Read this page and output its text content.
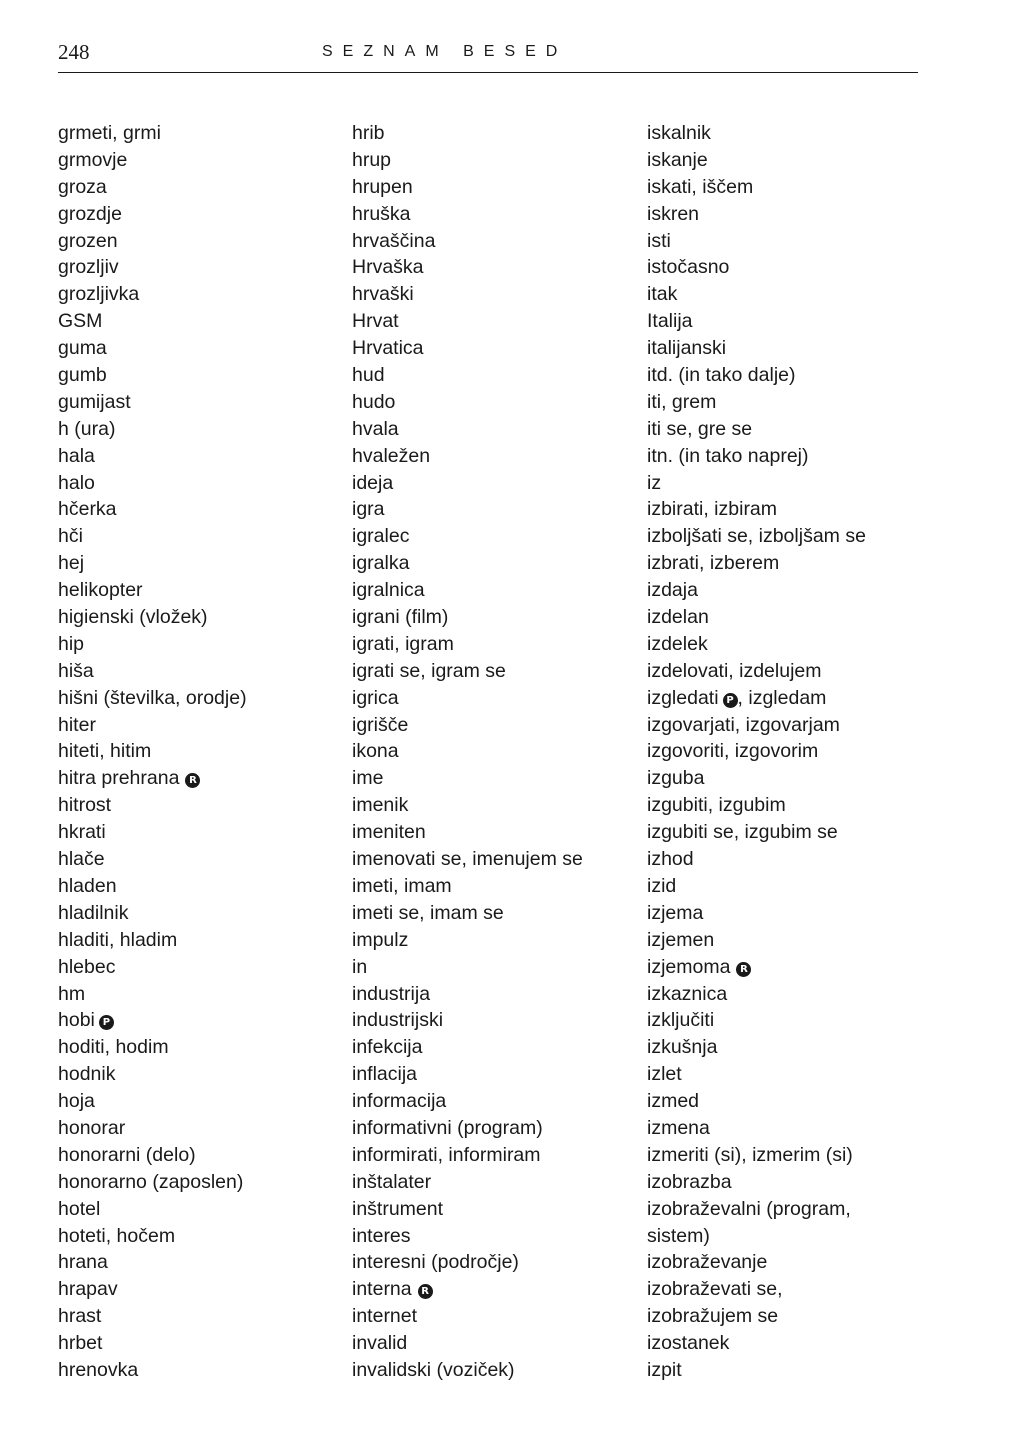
248	SEZNAM BESED
grmeti, grmi
grmovje
groza
grozdje
grozen
grozljiv
grozljivka
GSM
guma
gumb
gumijast
h (ura)
hala
halo
hčerka
hči
hej
helikopter
higienski (vložek)
hip
hiša
hišni (številka, orodje)
hiter
hiteti, hitim
hitra prehrana R
hitrost
hkrati
hlače
hladen
hladilnik
hladiti, hladim
hlebec
hm
hobi P
hoditi, hodim
hodnik
hoja
honorar
honorarni (delo)
honorarno (zaposlen)
hotel
hoteti, hočem
hrana
hrapav
hrast
hrbet
hrenovka
hrib
hrup
hrupen
hruška
hrvaščina
Hrvaška
hrvaški
Hrvat
Hrvatica
hud
hudo
hvala
hvaležen
ideja
igra
igralec
igralka
igralnica
igrani (film)
igrati, igram
igrati se, igram se
igrica
igrišče
ikona
ime
imenik
imeniten
imenovati se, imenujem se
imeti, imam
imeti se, imam se
impulz
in
industrija
industrijski
infekcija
inflacija
informacija
informativni (program)
informirati, informiram
inštalater
inštrument
interes
interesni (področje)
interna R
internet
invalid
invalidski (voziček)
iskalnik
iskanje
iskati, iščem
iskren
isti
istočasno
itak
Italija
italijanski
itd. (in tako dalje)
iti, grem
iti se, gre se
itn. (in tako naprej)
iz
izbirati, izbiram
izboljšati se, izboljšam se
izbrati, izberem
izdaja
izdelan
izdelek
izdelovati, izdelujem
izgledati P , izgledam
izgovarjati, izgovarjam
izgovoriti, izgovorim
izguba
izgubiti, izgubim
izgubiti se, izgubim se
izhod
izid
izjema
izjemen
izjemoma R
izkaznica
izključiti
izkušnja
izlet
izmed
izmena
izmeriti (si), izmerim (si)
izobrazba
izobraževalni (program,
sistem)
izobraževanje
izobraževati se,
izobražujem se
izostanek
izpit
